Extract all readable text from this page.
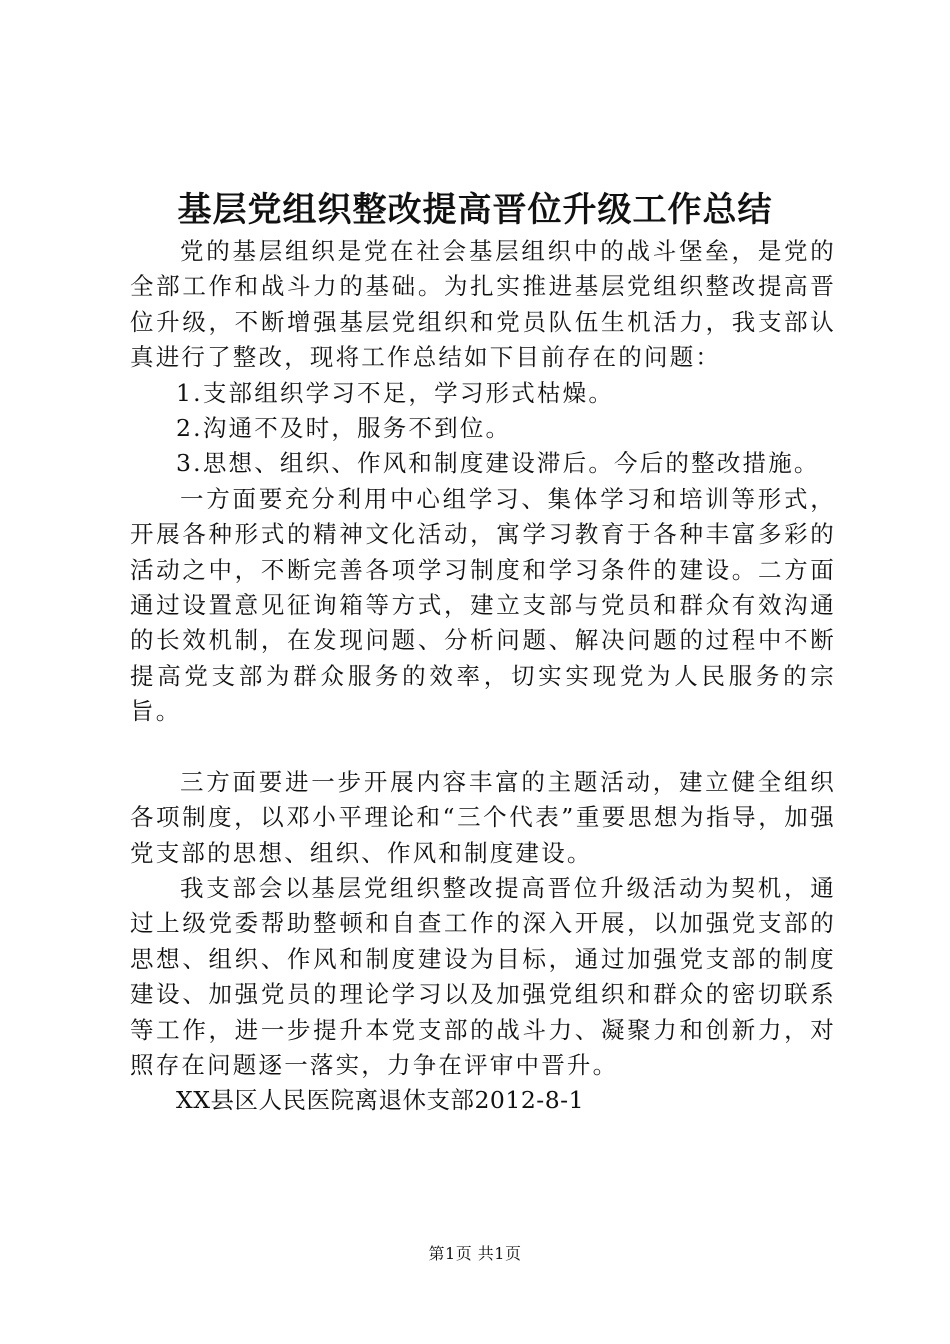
基层党组织整改提高晋位升级工作总结

党的基层组织是党在社会基层组织中的战斗堡垒，是党的全部工作和战斗力的基础。为扎实推进基层党组织整改提高晋位升级，不断增强基层党组织和党员队伍生机活力，我支部认真进行了整改，现将工作总结如下目前存在的问题：

1.支部组织学习不足，学习形式枯燥。

2.沟通不及时，服务不到位。

3.思想、组织、作风和制度建设滞后。今后的整改措施。

一方面要充分利用中心组学习、集体学习和培训等形式，开展各种形式的精神文化活动，寓学习教育于各种丰富多彩的活动之中，不断完善各项学习制度和学习条件的建设。二方面通过设置意见征询箱等方式，建立支部与党员和群众有效沟通的长效机制，在发现问题、分析问题、解决问题的过程中不断提高党支部为群众服务的效率，切实实现党为人民服务的宗旨。

三方面要进一步开展内容丰富的主题活动，建立健全组织各项制度，以邓小平理论和“三个代表”重要思想为指导，加强党支部的思想、组织、作风和制度建设。

我支部会以基层党组织整改提高晋位升级活动为契机，通过上级党委帮助整顿和自查工作的深入开展，以加强党支部的思想、组织、作风和制度建设为目标，通过加强党支部的制度建设、加强党员的理论学习以及加强党组织和群众的密切联系等工作，进一步提升本党支部的战斗力、凝聚力和创新力，对照存在问题逐一落实，力争在评审中晋升。

XX县区人民医院离退休支部2012-8-1

第1页 共1页
